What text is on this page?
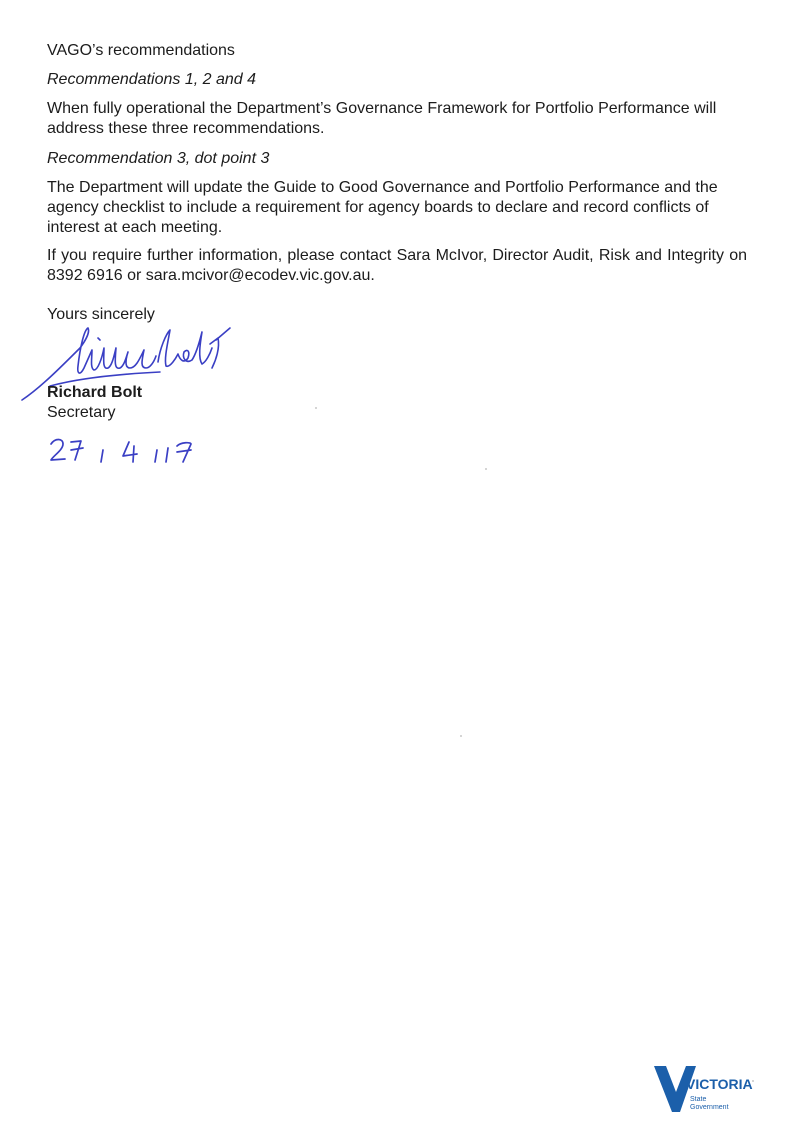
VAGO’s recommendations

Recommendations 1, 2 and 4

When fully operational the Department’s Governance Framework for Portfolio Performance will address these three recommendations.

Recommendation 3, dot point 3

The Department will update the Guide to Good Governance and Portfolio Performance and the agency checklist to include a requirement for agency boards to declare and record conflicts of interest at each meeting.

If you require further information, please contact Sara McIvor, Director Audit, Risk and Integrity on 8392 6916 or sara.mcivor@ecodev.vic.gov.au.

Yours sincerely

Richard Bolt

Secretary

VICTORIA
State
Government
